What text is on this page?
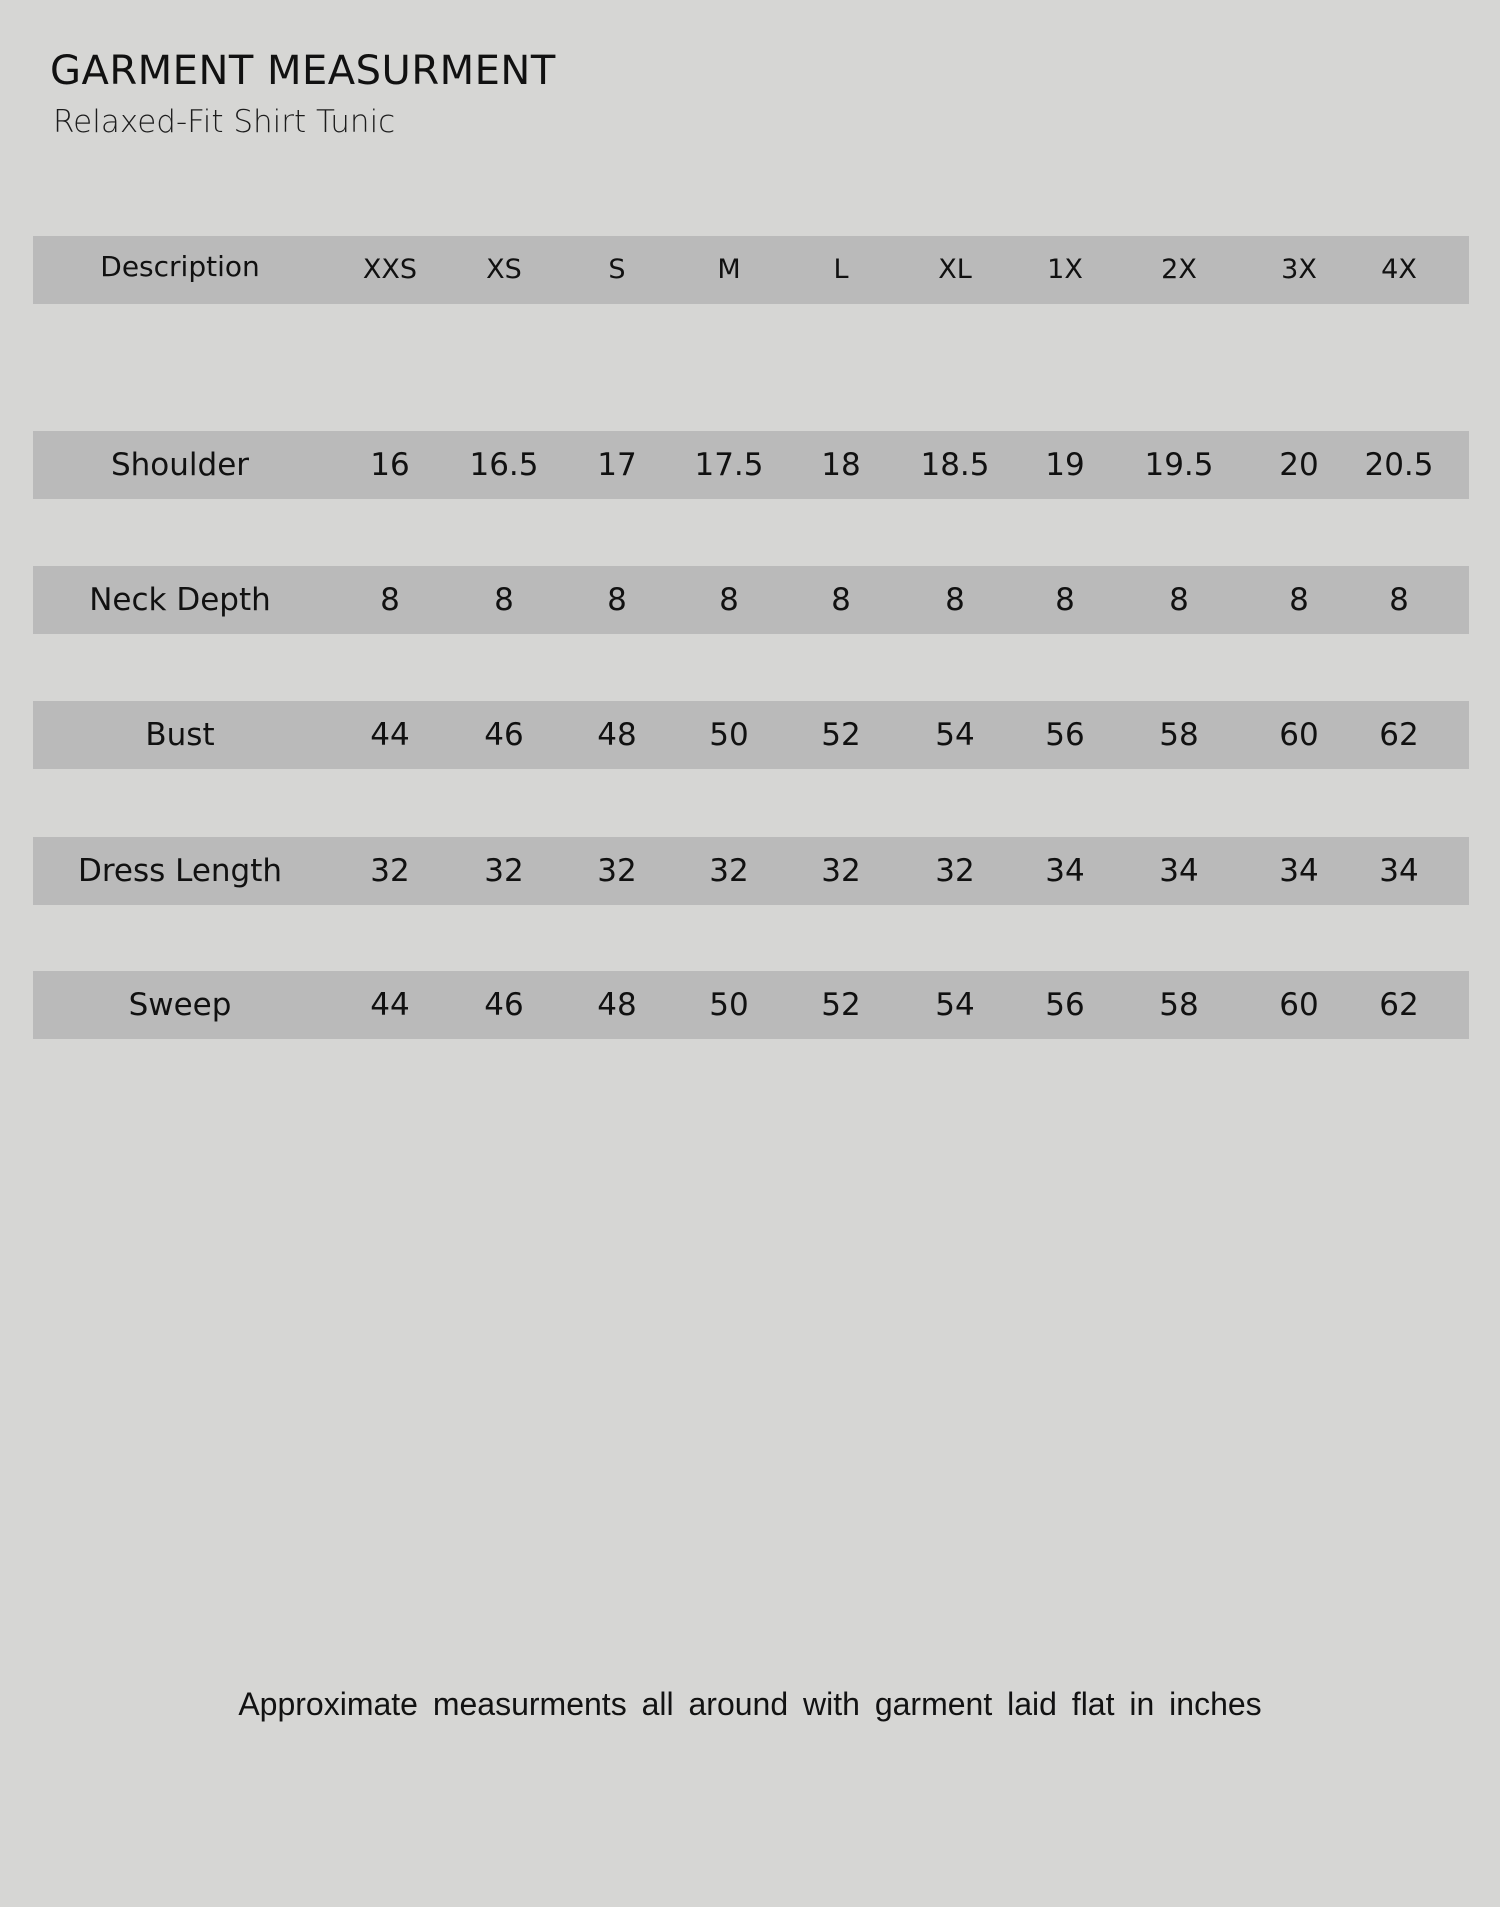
GARMENT MEASURMENT
Relaxed-Fit Shirt Tunic
Description	XXS	XS	S	M	L	XL	1X	2X	3X	4X
Shoulder	16	16.5	17	17.5	18	18.5	19	19.5	20	20.5
Neck Depth	8	8	8	8	8	8	8	8	8	8
Bust	44	46	48	50	52	54	56	58	60	62
Dress Length	32	32	32	32	32	32	34	34	34	34
Sweep	44	46	48	50	52	54	56	58	60	62
Approximate measurments all around with garment laid flat in inches
